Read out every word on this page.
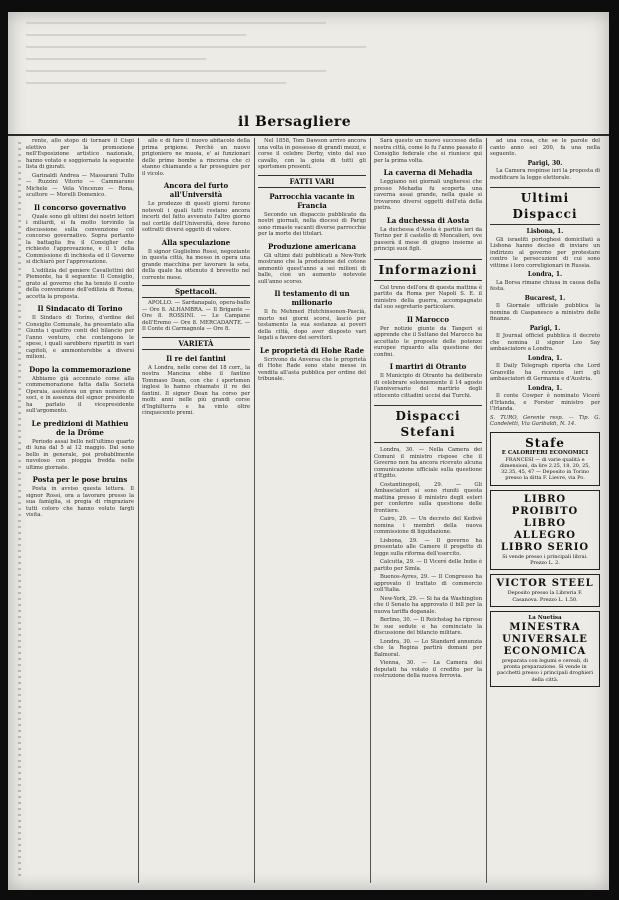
il Bersagliere

rente, allo stopo di tornare il Cispi elettivo per la promozione nell'Esposizione artistico nazionale, hanno votato e soggiornato la seguente lista di giurati.

Garinaldi Andrea — Massarani Tullo — Ruzzini Vitorio — Cammarano Michele — Vela Vincenzo — Rona, scultore — Morelli Domenico.

Il concorso governativo

Quale sono gli ultimi dei nostri lettori i miliardi, si fa molto torvinilo la discussione sulla convenzione col concorso governativo. Sopra pertanto la battaglia fra il Consiglier che richiesto l'approvazione, e il 1 della Commissione di inchiesta ed il Governo si dichiarò per l'approvazione.

L'edilizia del geniere Cavallottini del Piemonte, ha il seguente: Il Consiglio, grato al governo che ha tenuto il conto della convenzione dell'edilizia di Roma, accetta la proposta.

Il Sindacato di Torino

Il Sindaco di Torino, d'ordine del Consiglio Comunale, ha presentato alla Giunta i quattro conti del bilancio per l'anno venturo, che contengono le spese, i quali sarebbero ripartiti in vari capitoli, e ammonterebbe a diversi milioni.

Dopo la commemorazione

Abbiamo già accennato come alla commemorazione fatta dalla Società Operaia, assisteva un gran numero di soci, e in assenza del signor presidente ha parlato il vicepresidente sull'argomento.

Le predizioni di Mathieu de la Drôme

Periodo assai bello nell'ultimo quarto di luna dal 5 al 12 maggio. Dal sono bello in generale, poi probabilmente nuvoloso con pioggia fredda nelle ultime giornate.

Posta per le pose bruins

Posta in avviso questa lettera. Il signor Rossi, ora a lavorare presso la sua famiglia, si pregia di ringraziare tutti coloro che hanno voluto fargli visita.

alle e di fare il nuovo abitacolo della prima prigione. Perchè un nuovo prigioniero ne muoia, e' ai funzionari delle prime bombe a rincorsa che ci stanno chiamando a far proseguire per il vicolo.

Ancora del furto all'Università

Le prodezze di questi giorni furono notevoli i quali tutti restano ancora incerti del fatto avvenuto l'altro giorno nel cortile dell'Università, dove furono sottratti diversi oggetti di valore.

Alla speculazione

Il signor Guglielmo Rossi, negoziante in questa città, ha messo in opera una grande macchina per lavorare la seta, della quale ha ottenuto il brevetto nel corrente mese.

Spettacoli.

APOLLO. — Sardanapalo, opera-ballo — Ore 8. ALHAMBRA. — Il Brigante — Ore 8. ROSSINI. — Le Campane dell'Eremo — Ore 8. MERCADANTE. — Il Conte di Carmagnola — Ore 8.

VARIETÀ
Il re dei fantini

A Londra, nelle corse del 18 corr., la nostra Mancina ebbe il fantino Tommaso Dean, con che i sportsmen inglesi lo hanno chiamato il re dei fantini. Il signor Dean ha corso per molti anni nelle più grandi corse d'Inghilterra e ha vinto oltre cinquecento premi.

Nel 1858, Tom Dawson arrivò ancora una volta in possesso di grandi mezzi, e corse il celebre Derby, vinto dal suo cavallo, con la gioia di tutti gli sportsmen presenti.

FATTI VARI
Parrocchia vacante in Francia

Secondo un dispaccio pubblicato da nostri giornali, nella diocesi di Parigi sono rimaste vacanti diverse parrocchie per la morte dei titolari.

Produzione americana

Gli ultimi dati pubblicati a New-York mostrano che la produzione del cotone ammontò quest'anno a sei milioni di balle, cioè un aumento notevole sull'anno scorso.

Il testamento di un milionario

Il fu Mehmed Hutchinsonon-Pascià, morto nei giorni scorsi, lasciò per testamento la sua sostanza ai poveri della città, dopo aver disposto vari legati a favore dei servitori.

Le proprietà di Hohe Rade

Scrivono da Anversa che le proprietà di Hohe Rade sono state messe in vendita all'asta pubblica per ordine del tribunale.

Sarà questo un nuovo successo della nostra città, come lo fu l'anno passato il Consiglio federale che si riunisce qui per la prima volta.

La caverna di Mehadia

Leggiamo nei giornali ungheresi che presso Mehadia fu scoperta una caverna assai grande, nella quale si trovarono diversi oggetti dell'età della pietra.

La duchessa di Aosta

La duchessa d'Aosta è partita ieri da Torino per il castello di Moncalieri, ove passerà il mese di giugno insieme ai principi suoi figli.

Informazioni

Col treno dell'ora di questa mattina è partito da Roma per Napoli S. E. il ministro della guerra, accompagnato dal suo segretario particolare.

Il Marocco

Per notizie giunte da Tangeri si apprende che il Sultano del Marocco ha accettato le proposte delle potenze europee riguardo alla questione dei confini.

I martiri di Otranto

Il Municipio di Otranto ha deliberato di celebrare solennemente il 14 agosto l'anniversario del martirio degli ottocento cittadini uccisi dai Turchi.

Dispacci Stefani

Londra, 30. — Nella Camera dei Comuni il ministro rispose che il Governo non ha ancora ricevuto alcuna comunicazione ufficiale sulla questione d'Egitto.

Costantinopoli, 29. — Gli Ambasciatori si sono riuniti questa mattina presso il ministro degli esteri per conferire sulla questione delle frontiere.

Cairo, 29. — Un decreto del Kedivè nomina i membri della nuova commissione di liquidazione.

Lisbona, 29. — Il governo ha presentato alle Camere il progetto di legge sulla riforma dell'esercito.

Calcutta, 29. — Il Viceré delle Indie è partito per Simla.

Buenos-Ayres, 29. — Il Congresso ha approvato il trattato di commercio coll'Italia.

New-York, 29. — Si ha da Washington che il Senato ha approvato il bill per la nuova tariffa doganale.

Berlino, 30. — Il Reichstag ha ripreso le sue sedute e ha cominciato la discussione del bilancio militare.

Londra, 30. — Lo Standard annunzia che la Regina partirà domani per Balmoral.

Vienna, 30. — La Camera dei deputati ha votato il credito per la costruzione della nuova ferrovia.

ad una cosa, che se le parole del canto anno sei 200, fa una nella seguente.

Parigi, 30.

La Camera respinse ieri la proposta di modificare la legge elettorale.

Ultimi Dispacci
Lisbona, 1.

Gli israeliti portoghesi domiciliati a Lisbona hanno deciso di inviare un indirizzo al governo per protestare contro le persecuzioni di cui sono vittime i loro correligionari in Russia.

Londra, 1.

La Borsa rimane chiusa in causa della festa.

Bucarest, 1.

Il Giornale ufficiale pubblica la nomina di Caspanesco a ministro delle finanze.

Parigi, 1.

Il Journal officiel pubblica il decreto che nomina il signor Leo Say ambasciatore a Londra.

Londra, 1.

Il Daily Telegraph riporta che Lord Granville ha ricevuto ieri gli ambasciatori di Germania e d'Austria.

Londra, 1.

Il conte Cowper è nominato Viceré d'Irlanda, e Forster ministro per l'Irlanda.

S. TURO, Gerente resp. — Tip. G. Candeletti, Via Garibaldi, N. 14.

Stafe
E CALORIFERI ECONOMICI
FRANCESI — di varie qualità e dimensioni, da lire 2.25, 18, 20, 25, 32.35, 45, 47 — Deposito in Torino presso la ditta F. Lievre, via Po.
LIBRO PROIBITO
LIBRO ALLEGRO
LIBRO SERIO
Si vende presso i principali librai. Prezzo L. 2.
VICTOR STEEL
Deposito presso la Libreria F. Casanova. Prezzo L. 1.50.
La Nuetisa
MINESTRA UNIVERSALE ECONOMICA
preparata con legumi e cereali, di pronta preparazione. Si vende in pacchetti presso i principali droghieri della città.
